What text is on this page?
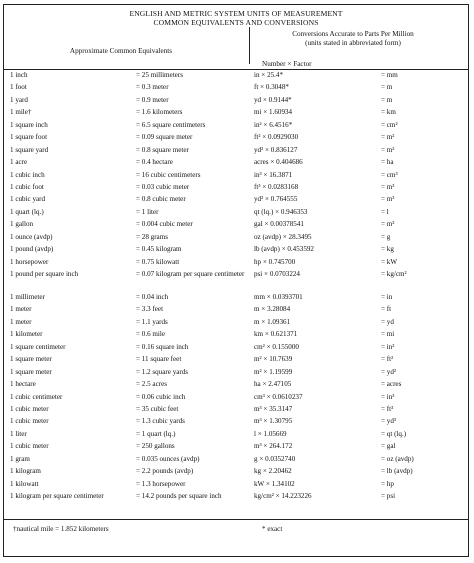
ENGLISH AND METRIC SYSTEM UNITS OF MEASUREMENT
COMMON EQUIVALENTS AND CONVERSIONS
Approximate Common Equivalents
Conversions Accurate to Parts Per Million
(units stated in abbreviated form)
Number × Factor
1 inch	= 25 millimeters	in × 25.4*	= mm
1 foot	= 0.3 meter	ft × 0.3048*	= m
1 yard	= 0.9 meter	yd × 0.9144*	= m
1 mile†	= 1.6 kilometers	mi × 1.60934	= km
1 square inch	= 6.5 square centimeters	in² × 6.4516*	= cm²
1 square foot	= 0.09 square meter	ft² × 0.0929030	= m²
1 square yard	= 0.8 square meter	yd² × 0.836127	= m²
1 acre	= 0.4 hectare	acres × 0.404686	= ha
1 cubic inch	= 16 cubic centimeters	in³ × 16.3871	= cm³
1 cubic foot	= 0.03 cubic meter	ft³ × 0.0283168	= m³
1 cubic yard	= 0.8 cubic meter	yd³ × 0.764555	= m³
1 quart (lq.)	= 1 liter	qt (lq.) × 0.946353	= l
1 gallon	= 0.004 cubic meter	gal × 0.00378541	= m³
1 ounce (avdp)	= 28 grams	oz (avdp) × 28.3495	= g
1 pound (avdp)	= 0.45 kilogram	lb (avdp) × 0.453592	= kg
1 horsepower	= 0.75 kilowatt	hp × 0.745700	= kW
1 pound per square inch	= 0.07 kilogram per square centimeter	psi × 0.0703224	= kg/cm²
1 millimeter	= 0.04 inch	mm × 0.0393701	= in
1 meter	= 3.3 feet	m × 3.28084	= ft
1 meter	= 1.1 yards	m × 1.09361	= yd
1 kilometer	= 0.6 mile	km × 0.621371	= mi
1 square centimeter	= 0.16 square inch	cm² × 0.155000	= in²
1 square meter	= 11 square feet	m² × 10.7639	= ft²
1 square meter	= 1.2 square yards	m² × 1.19599	= yd²
1 hectare	= 2.5 acres	ha × 2.47105	= acres
1 cubic centimeter	= 0.06 cubic inch	cm³ × 0.0610237	= in³
1 cubic meter	= 35 cubic feet	m³ × 35.3147	= ft³
1 cubic meter	= 1.3 cubic yards	m³ × 1.30795	= yd³
1 liter	= 1 quart (lq.)	l × 1.05669	= qt (lq.)
1 cubic meter	= 250 gallons	m³ × 264.172	= gal
1 gram	= 0.035 ounces (avdp)	g × 0.0352740	= oz (avdp)
1 kilogram	= 2.2 pounds (avdp)	kg × 2.20462	= lb (avdp)
1 kilowatt	= 1.3 horsepower	kW × 1.34102	= hp
1 kilogram per square centimeter	= 14.2 pounds per square inch	kg/cm² × 14.223226	= psi
†nautical mile = 1.852 kilometers	* exact
